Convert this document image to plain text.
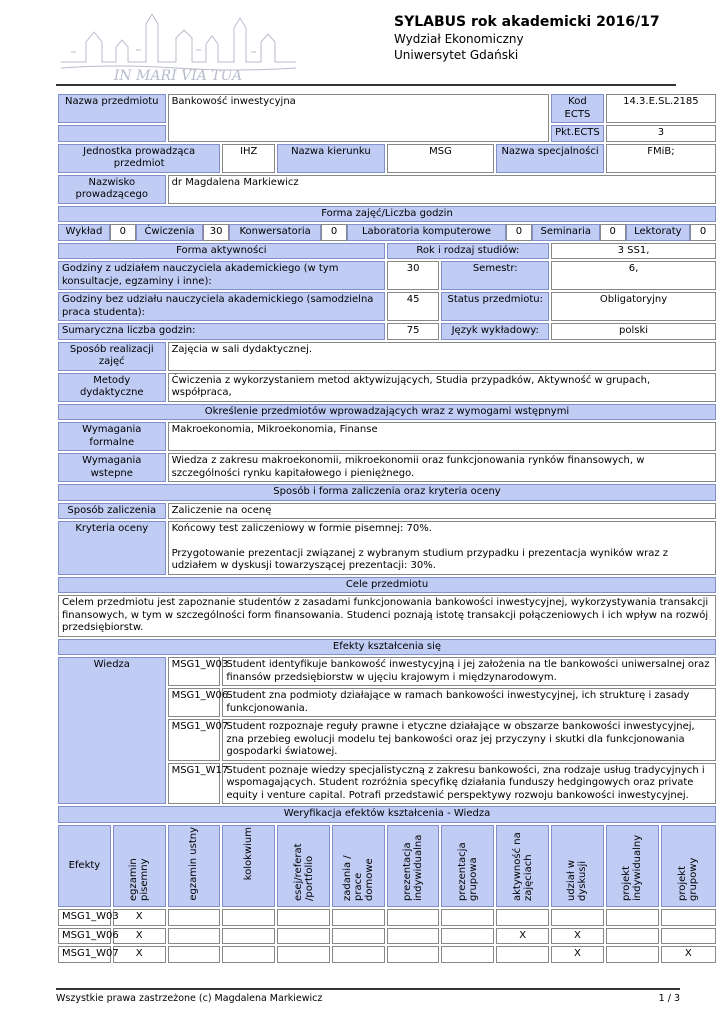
IN MARI VIA TUA
SYLABUS rok akademicki 2016/17
Wydział Ekonomiczny
Uniwersytet Gdański
Nazwa przedmiotu	Bankowość inwestycyjna	Kod ECTS	14.3.E.SL.2185
	Pkt.ECTS	3
Jednostka prowadząca przedmiot	IHZ	Nazwa kierunku	MSG	Nazwa specjalności	FMiB;
Nazwisko prowadzącego	dr Magdalena Markiewicz
Forma zajęć/Liczba godzin

Wykład	0	Ćwiczenia	30	Konwersatoria	0	Laboratoria komputerowe	0	Seminaria	0	Lektoraty	0

Forma aktywności	Rok i rodzaj studiów:	3 SS1,
Godziny z udziałem nauczyciela akademickiego (w tym konsultacje, egzaminy i inne):	30	Semestr:	6,
Godziny bez udziału nauczyciela akademickiego (samodzielna praca studenta):	45	Status przedmiotu:	Obligatoryjny
Sumaryczna liczba godzin:	75	Język wykładowy:	polski
Sposób realizacji zajęć	Zajęcia w sali dydaktycznej.
Metody dydaktyczne	Ćwiczenia z wykorzystaniem metod aktywizujących, Studia przypadków, Aktywność w grupach, współpraca,
Określenie przedmiotów wprowadzających wraz z wymogami wstępnymi
Wymagania formalne	Makroekonomia, Mikroekonomia, Finanse
Wymagania wstepne	Wiedza z zakresu makroekonomii, mikroekonomii oraz funkcjonowania rynków finansowych, w szczególności rynku kapitałowego i pieniężnego.
Sposób i forma zaliczenia oraz kryteria oceny
Sposób zaliczenia	Zaliczenie na ocenę
Kryteria oceny	Końcowy test zaliczeniowy w formie pisemnej: 70%.
Przygotowanie prezentacji związanej z wybranym studium przypadku i prezentacja wyników wraz z udziałem w dyskusji towarzyszącej prezentacji: 30%.

Cele przedmiotu
Celem przedmiotu jest zapoznanie studentów z zasadami funkcjonowania bankowości inwestycyjnej, wykorzystywania transakcji finansowych, w tym w szczególności form finansowania. Studenci poznają istotę transakcji połączeniowych i ich wpływ na rozwój przedsiębiorstw.
Efekty kształcenia się
Wiedza	MSG1_W03	Student identyfikuje bankowość inwestycyjną i jej założenia na tle bankowości uniwersalnej oraz finansów przedsiębiorstw w ujęciu krajowym i międzynarodowym.
MSG1_W06	Student zna podmioty działające w ramach bankowości inwestycyjnej, ich strukturę i zasady funkcjonowania.
MSG1_W07	Student rozpoznaje reguły prawne i etyczne działające w obszarze bankowości inwestycyjnej, zna przebieg ewolucji modelu tej bankowości oraz jej przyczyny i skutki dla funkcjonowania gospodarki światowej.
MSG1_W17	Student poznaje wiedzy specjalistyczną z zakresu bankowości, zna rodzaje usług tradycyjnych i wspomagających. Student rozróżnia specyfikę działania funduszy hedgingowych oraz private equity i venture capital. Potrafi przedstawić perspektywy rozwoju bankowości inwestycyjnej.
Weryfikacja efektów kształcenia - Wiedza
Efekty	egzamin pisemny	egzamin ustny	kolokwium	esej/referat /portfolio	zadania / prace domowe	prezentacja indywidualna	prezentacja grupowa	aktywność na zajęciach	udział w dyskusji	projekt indywidualny	projekt grupowy
MSG1_W03	X										
MSG1_W06	X							X	X		
MSG1_W07	X								X		X
Wszystkie prawa zastrzeżone (c) Magdalena Markiewicz	1 / 3
